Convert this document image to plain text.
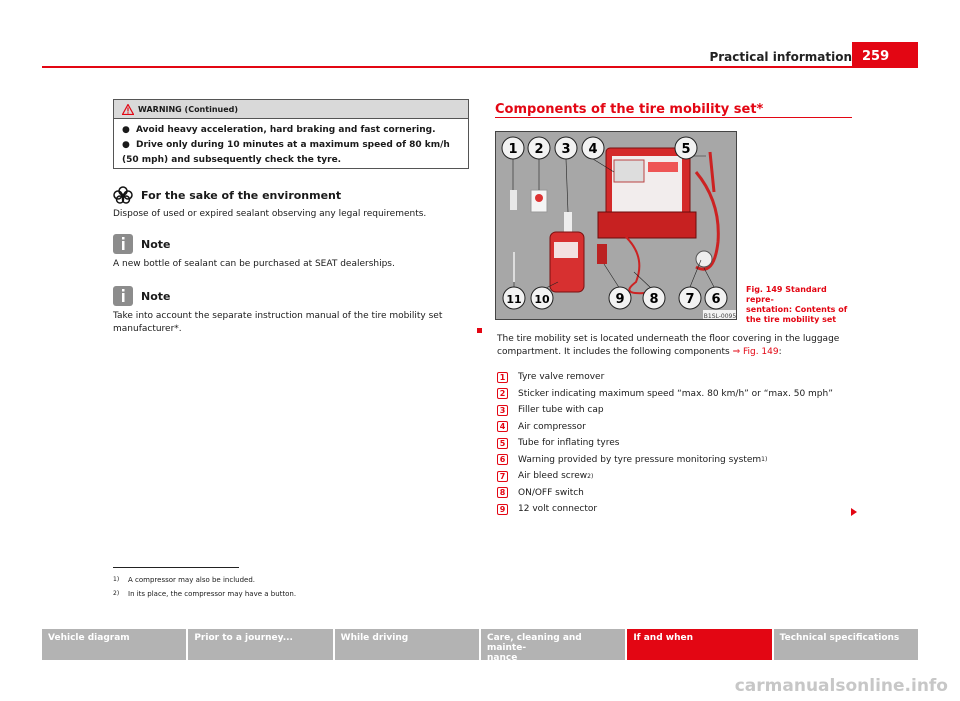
Practical information 259
WARNING (Continued)
● Avoid heavy acceleration, hard braking and fast cornering.
● Drive only during 10 minutes at a maximum speed of 80 km/h
(50 mph) and subsequently check the tyre.
For the sake of the environment
Dispose of used or expired sealant observing any legal requirements.
Note
A new bottle of sealant can be purchased at SEAT dealerships.
Note
Take into account the separate instruction manual of the tire mobility set
manufacturer*.
Components of the tire mobility set*
1 2 3 4	5
6
7
8
9
10
11
B1SL-0095
Fig. 149 Standard repre-
sentation: Contents of
the tire mobility set
The tire mobility set is located underneath the floor covering in the luggage
compartment. It includes the following components ⇒ Fig. 149:
1	Tyre valve remover
2	Sticker indicating maximum speed “max. 80 km/h” or “max. 50 mph”
3	Filler tube with cap
4	Air compressor
5	Tube for inflating tyres
6	Warning provided by tyre pressure monitoring system 1)
7	Air bleed screw 2)
8	ON/OFF switch
9	12 volt connector
1)	A compressor may also be included.
2)	In its place, the compressor may have a button.
Vehicle diagram	Prior to a journey...	While driving	Care, cleaning and mainte-
nance
If and when	Technical specifications
carmanualsonline.info
